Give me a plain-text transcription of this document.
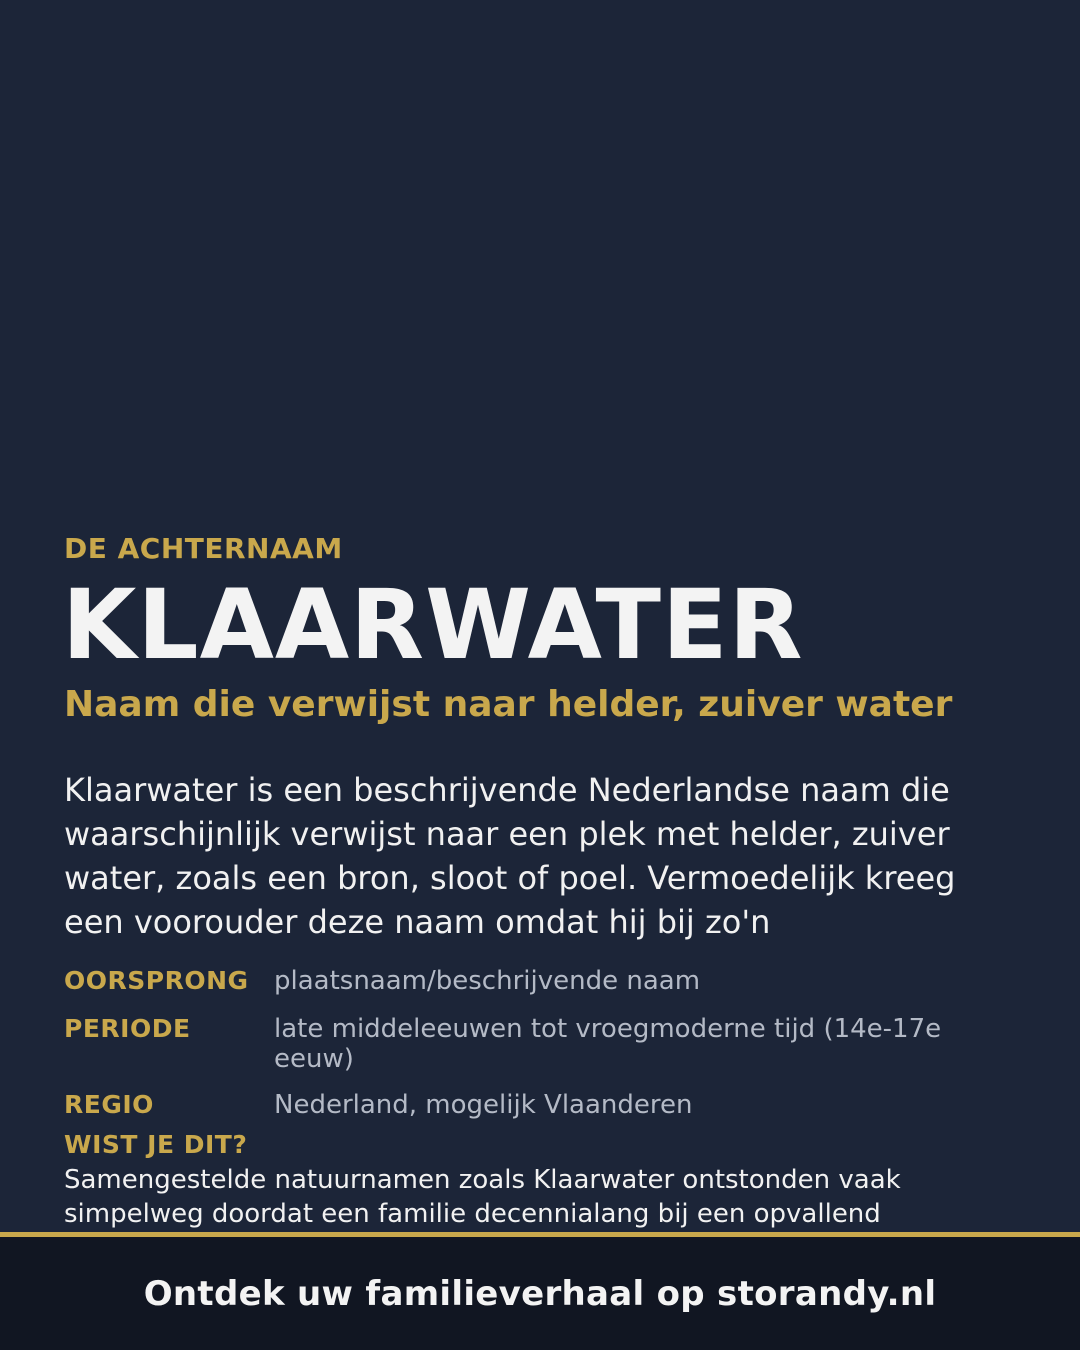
DE ACHTERNAAM
KLAARWATER
Naam die verwijst naar helder, zuiver water
Klaarwater is een beschrijvende Nederlandse naam die waarschijnlijk verwijst naar een plek met helder, zuiver water, zoals een bron, sloot of poel. Vermoedelijk kreeg een voorouder deze naam omdat hij bij zo'n
OORSPRONG plaatsnaam/beschrijvende naam
PERIODE	late middeleeuwen tot vroegmoderne tijd (14e-17e eeuw)
REGIO	Nederland, mogelijk Vlaanderen
WIST JE DIT?
Samengestelde natuurnamen zoals Klaarwater ontstonden vaak simpelweg doordat een familie decennialang bij een opvallend
Ontdek uw familieverhaal op storandy.nl
